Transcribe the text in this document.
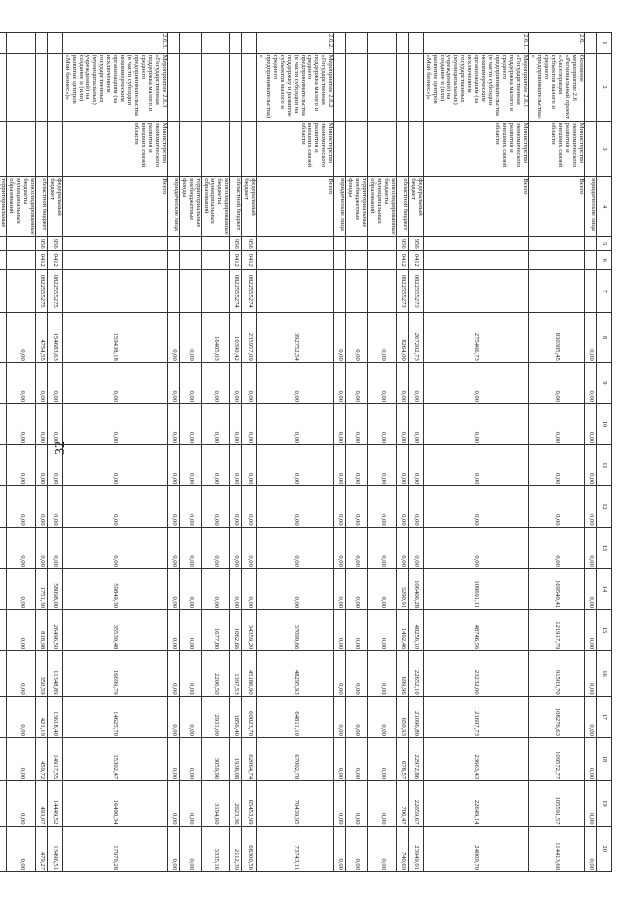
32
1	2	3	4	5	6	7	8	9	10	11	12	13	14	15	16	17	18	19	20
			юридические лица				0,00	0,00	0,00	0,00	0,00	0,00	0,00	0,00	0,00	0,00	0,00	0,00	0,00
2.6.	Основное мероприятие 2.6 «Региональный проект «Акселерация субъектов малого и среднего предпринимательства»»	Министерство экономического развития и внешних связей области	Всего				830305,45	0,00	0,00	0,00	0,00	0,00	169540,41	121917,79	91503,70	108276,63	109572,77	105591,57	114413,60
2.6.1.	Мероприятие 2.6.1 «Государственная поддержка малого и среднего предпринимательства (в части субсидии некоммерческим организациям (за исключением государственных (муниципальных) учреждений) на создание и (или) развитие центров «Мой бизнес»)»	Министерство экономического развития и внешних связей области	Всего				275466,73	0,00	0,00	0,00	0,00	0,00	109691,11	48746,56	23232,06	21697,73	23663,43	22649,14	24009,70
			федеральный бюджет	956	0412	0822555273	267202,73	0,00	0,00	0,00	0,00	0,00	106406,28	48256,10	22652,10	21096,80	22972,86	22059,67	23949,01
			областной бюджет	956	0412	0822555273	8264,00	0,00	0,00	0,00	0,00	0,00	3290,91	1492,46	699,96	650,93	678,57	706,47	740,69
			консолидированные бюджеты муниципальных образований				0,00	0,00	0,00	0,00	0,00	0,00	0,00	0,00	0,00	0,00	0,00	0,00	0,00
			территориальные внебюджетные фонды				0,00	0,00	0,00	0,00	0,00	0,00	0,00	0,00	0,00	0,00	0,00	0,00	0,00
			юридические лица				0,00	0,00	0,00	0,00	0,00	0,00	0,00	0,00	0,00	0,00	0,00	0,00	0,00
2.6.2.	Мероприятие 2.6.2 «Государственная поддержка малого и среднего предпринимательства (в части субсидии на поддержку и развитие субъектов малого и среднего предпринимательства)»	Министерство экономического развития и внешних связей области	Всего				392752,54	0,00	0,00	0,00	0,00	0,00	0,00	37099,66	48295,93	64811,10	67002,78	70439,95	73743,11
			федеральный бюджет	956	0412	0822555274	235957,09	0,00	0,00	0,00	0,00	0,00	0,00	34359,20	45186,90	60023,70	62064,74	65453,99	68300,56
			областной бюджет	956	0412	0822555274	10390,42	0,00	0,00	0,00	0,00	0,00	0,00	1062,66	1397,53	1856,40	1938,08	2023,36	2112,39
			консолидированные бюджеты муниципальных образований				16405,03	0,00	0,00	0,00	0,00	0,00	0,00	1677,80	2206,50	2931,00	3059,96	3194,60	3335,16
			территориальные внебюджетные фонды				0,00	0,00	0,00	0,00	0,00	0,00	0,00	0,00	0,00	0,00	0,00	0,00	0,00
			юридические лица				0,00	0,00	0,00	0,00	0,00	0,00	0,00	0,00	0,00	0,00	0,00	0,00	0,00
2.6.3.	Мероприятие 2.6.3 «Государственная поддержка малого и среднего предпринимательства (в части субсидии некоммерческим организациям (за исключением государственных (муниципальных) учреждений) на создание и (или) развитие центров «Мой бизнес»)»	Министерство экономического развития и внешних связей области	Всего				159438,18	0,00	0,00	0,00	0,00	0,00	59849,30	35539,48	16699,79	14625,70	15302,47	16490,34	17979,28
			федеральный бюджет	956	0412	0822555275	154683,63	0,00	0,00	0,00	0,00	0,00	58098,00	26496,50	11348,89	13618,40	14917,55	14449,52	13496,51
			областной бюджет	956	0412	0822555275	4754,55	0,00	0,00	0,00	0,00	0,00	1751,30	818,98	350,59	421,19	459,72	493,07	479,27
			консолидированные бюджеты муниципальных образований				0,00	0,00	0,00	0,00	0,00	0,00	0,00	0,00	0,00	0,00	0,00	0,00	0,00
			территориальные																
